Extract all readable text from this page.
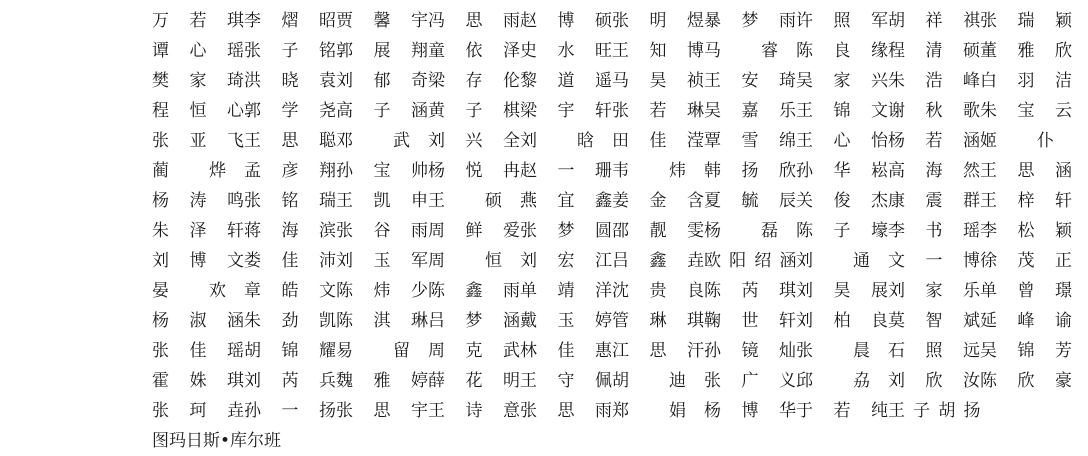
万 若 琪 李 熠 昭 贾 馨 宇 冯 思 雨 赵 博 硕 张 明 煜 暴 梦 雨 许 照 军 胡 祥 祺 张 瑞 颖
谭 心 瑶 张 子 铭 郭 展 翔 童 依 泽 史 水 旺 王 知 博 马 睿 陈 良 缘 程 清 硕 董 雅 欣
樊 家 琦 洪 晓 袁 刘 郁 奇 梁 存 伦 黎 道 遥 马 昊 祯 王 安 琦 吴 家 兴 朱 浩 峰 白 羽 洁
程 恒 心 郭 学 尧 高 子 涵 黄 子 棋 梁 宇 轩 张 若 琳 吴 嘉 乐 王 锦 文 谢 秋 歌 朱 宝 云
张 亚 飞 王 思 聪 邓 武 刘 兴 全 刘 晗 田 佳 滢 覃 雪 绵 王 心 怡 杨 若 涵 姬 仆
蔺 烨 孟 彦 翔 孙 宝 帅 杨 悦 冉 赵 一 珊 韦 炜 韩 扬 欣 孙 华 崧 高 海 然 王 思 涵
杨 涛 鸣 张 铭 瑞 王 凯 申 王 硕 燕 宜 鑫 姜 金 含 夏 毓 辰 关 俊 杰 康 震 群 王 梓 轩
朱 泽 轩 蒋 海 滨 张 谷 雨 周 鲜 爱 张 梦 圆 邵 靓 雯 杨 磊 陈 子 壕 李 书 瑶 李 松 颖
刘 博 文 娄 佳 沛 刘 玉 军 周 恒 刘 宏 江 吕 鑫 垚 欧 阳 绍 涵 刘 通 文 一 博 徐 茂 正
晏 欢 章 皓 文 陈 炜 少 陈 鑫 雨 单 靖 洋 沈 贵 良 陈 芮 琪 刘 昊 展 刘 家 乐 单 曾 璟
杨 淑 涵 朱 劲 凯 陈 淇 琳 吕 梦 涵 戴 玉 婷 管 琳 琪 鞠 世 轩 刘 柏 良 莫 智 斌 延 峰 谕
张 佳 瑶 胡 锦 耀 易 留 周 克 武 林 佳 惠 江 思 汗 孙 镜 灿 张 晨 石 照 远 吴 锦 芳
霍 姝 琪 刘 芮 兵 魏 雅 婷 薛 花 明 王 守 佩 胡 迪 张 广 义 邱 劦 刘 欣 汝 陈 欣 豪
张 珂 垚 孙 一 扬 张 思 宇 王 诗 意 张 思 雨 郑 娟 杨 博 华 于 若 纯 王 子 胡 扬
图玛日斯•库尔班
